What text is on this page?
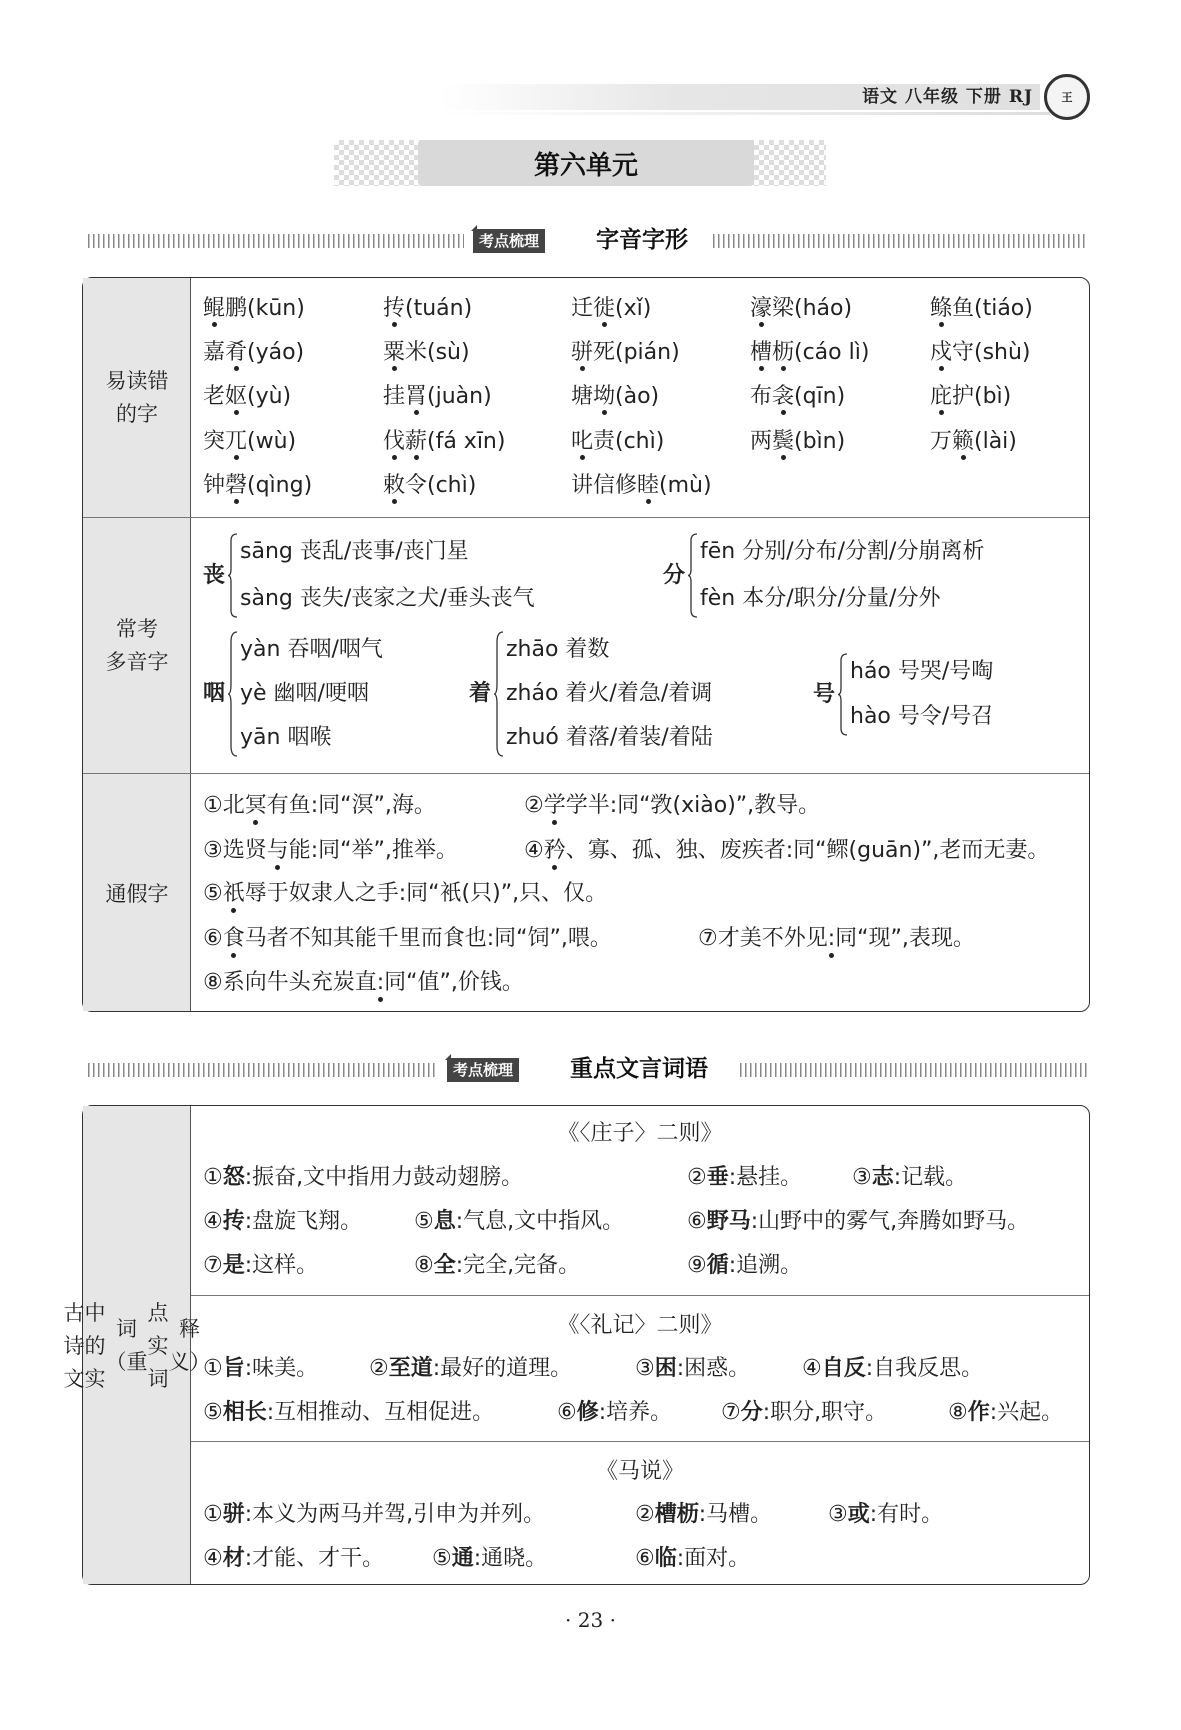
语文 八年级 下册 RJ	王
第六单元
考点梳理 字音字形
易读错的字
鲲鹏(kūn)	抟(tuán)	迁徙(xǐ)	濠梁(háo)	鲦鱼(tiáo)
嘉肴(yáo)	粟米(sù)	骈死(pián)	槽枥(cáo lì)	戍守(shù)
老妪(yù)	挂罥(juàn)	塘坳(ào)	布衾(qīn)	庇护(bì)
突兀(wù)	伐薪(fá xīn)	叱责(chì)	两鬓(bìn)	万籁(lài)
钟磬(qìng)	敕令(chì)	讲信修睦(mù)
常考多音字
丧
sāng 丧乱/丧事/丧门星
sàng 丧失/丧家之犬/垂头丧气
分
fēn 分别/分布/分割/分崩离析
fèn 本分/职分/分量/分外
咽
yàn 吞咽/咽气
yè 幽咽/哽咽
yān 咽喉
着
zhāo 着数
zháo 着火/着急/着调
zhuó 着落/着装/着陆
号
háo 号哭/号啕
hào 号令/号召
通假字
①北冥有鱼:同“溟”,海。	②学学半:同“敩(xiào)”,教导。
③选贤与能:同“举”,推举。	④矜、寡、孤、独、废疾者:同“鳏(guān)”,老而无妻。
⑤祇辱于奴隶人之手:同“衹(只)”,只、仅。
⑥食马者不知其能千里而食也:同“饲”,喂。	⑦才美不外见:同“现”,表现。
⑧系向牛头充炭直:同“值”,价钱。
考点梳理 重点文言词语
古诗文

中的实

词（重

点实词

释义）
《〈庄子〉二则》
①怒:振奋,文中指用力鼓动翅膀。	②垂:悬挂。 ③志:记载。
④抟:盘旋飞翔。 ⑤息:气息,文中指风。	⑥野马:山野中的雾气,奔腾如野马。
⑦是:这样。	⑧全:完全,完备。	⑨循:追溯。
《〈礼记〉二则》
①旨:味美。 ②至道:最好的道理。	③困:困惑。 ④自反:自我反思。
⑤相长:互相推动、互相促进。	⑥修:培养。 ⑦分:职分,职守。	⑧作:兴起。
《马说》
①骈:本义为两马并驾,引申为并列。	②槽枥:马槽。	③或:有时。
④材:才能、才干。 ⑤通:通晓。	⑥临:面对。
· 23 ·
